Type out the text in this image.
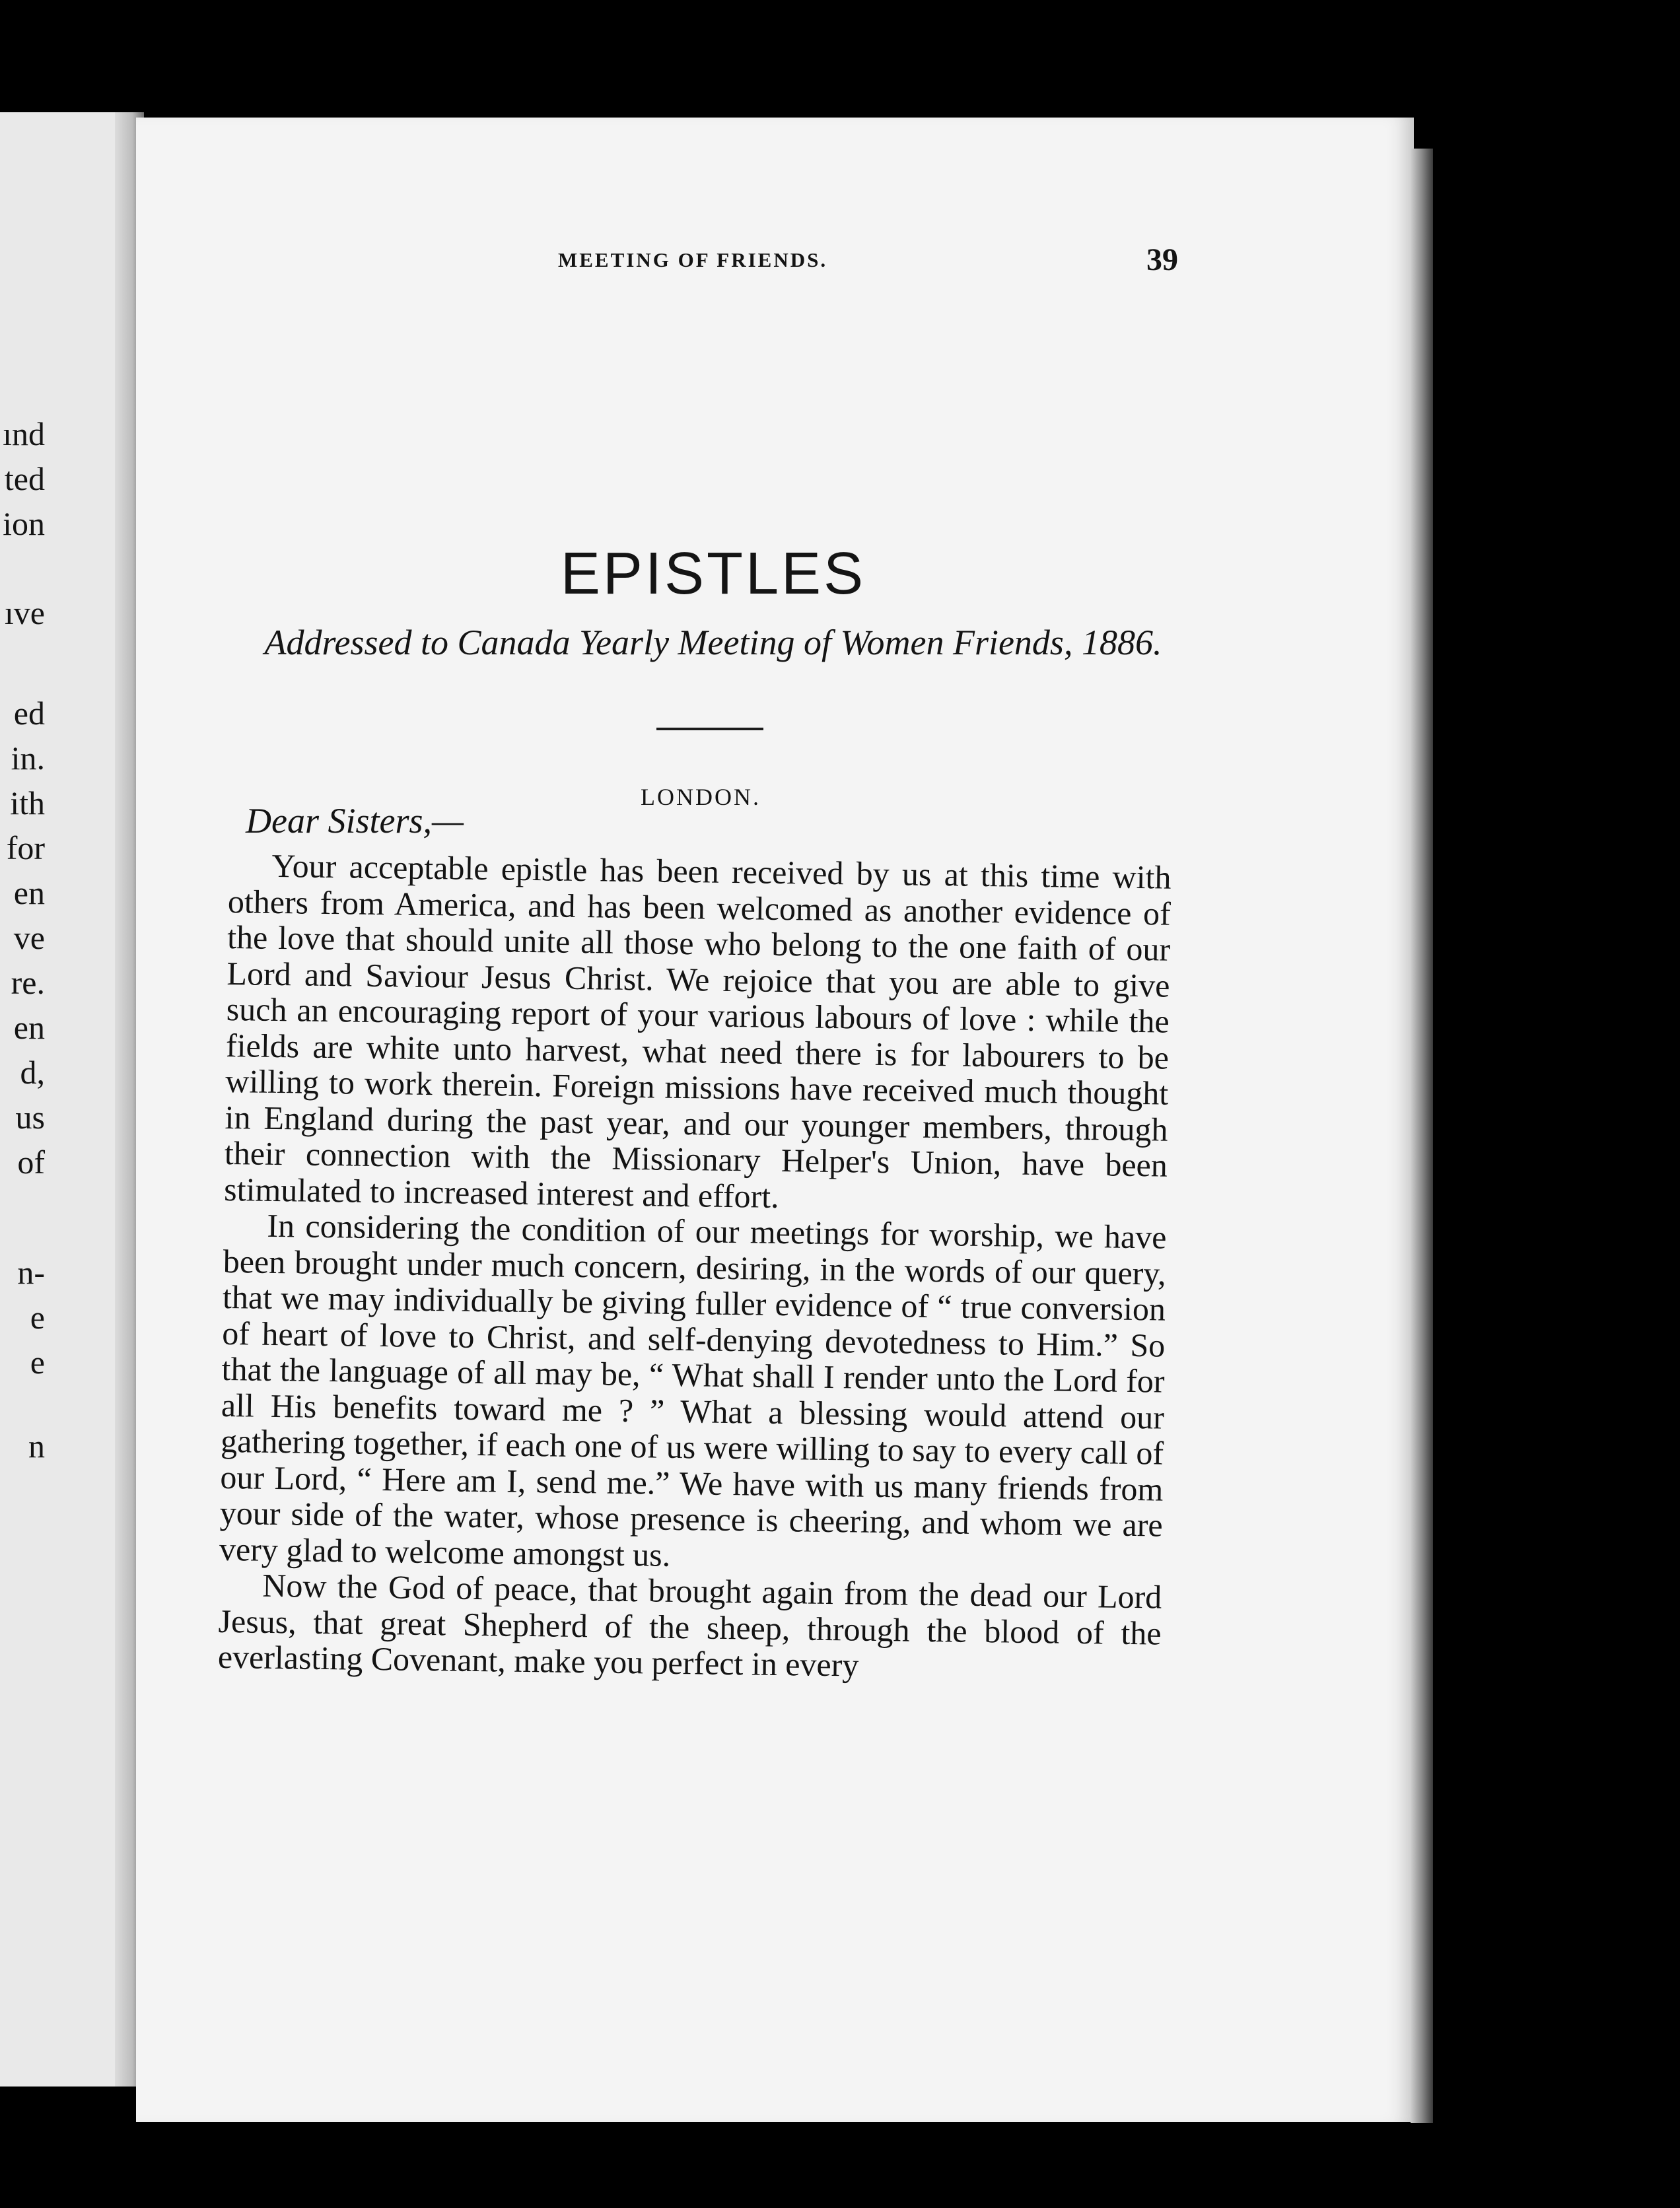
ınd
ted
ion
ıve
ed
in.
ith
for
en
ve
re.
en
d,
us
of
n-
e
e
n
MEETING OF FRIENDS.	39
EPISTLES
Addressed to Canada Yearly Meeting of Women Friends, 1886.
LONDON.
Dear Sisters,—

Your acceptable epistle has been received by us at this time with others from America, and has been welcomed as another evidence of the love that should unite all those who belong to the one faith of our Lord and Saviour Jesus Christ. We rejoice that you are able to give such an encouraging report of your various labours of love : while the fields are white unto harvest, what need there is for labourers to be willing to work therein. Foreign missions have received much thought in England during the past year, and our younger members, through their connection with the Missionary Helper's Union, have been stimulated to increased interest and effort.

In considering the condition of our meetings for worship, we have been brought under much concern, desiring, in the words of our query, that we may individually be giving fuller evidence of “ true conversion of heart of love to Christ, and self-denying devotedness to Him.” So that the language of all may be, “ What shall I render unto the Lord for all His benefits toward me ? ” What a blessing would attend our gathering together, if each one of us were willing to say to every call of our Lord, “ Here am I, send me.” We have with us many friends from your side of the water, whose presence is cheering, and whom we are very glad to welcome amongst us.

Now the God of peace, that brought again from the dead our Lord Jesus, that great Shepherd of the sheep, through the blood of the everlasting Covenant, make you perfect in every
